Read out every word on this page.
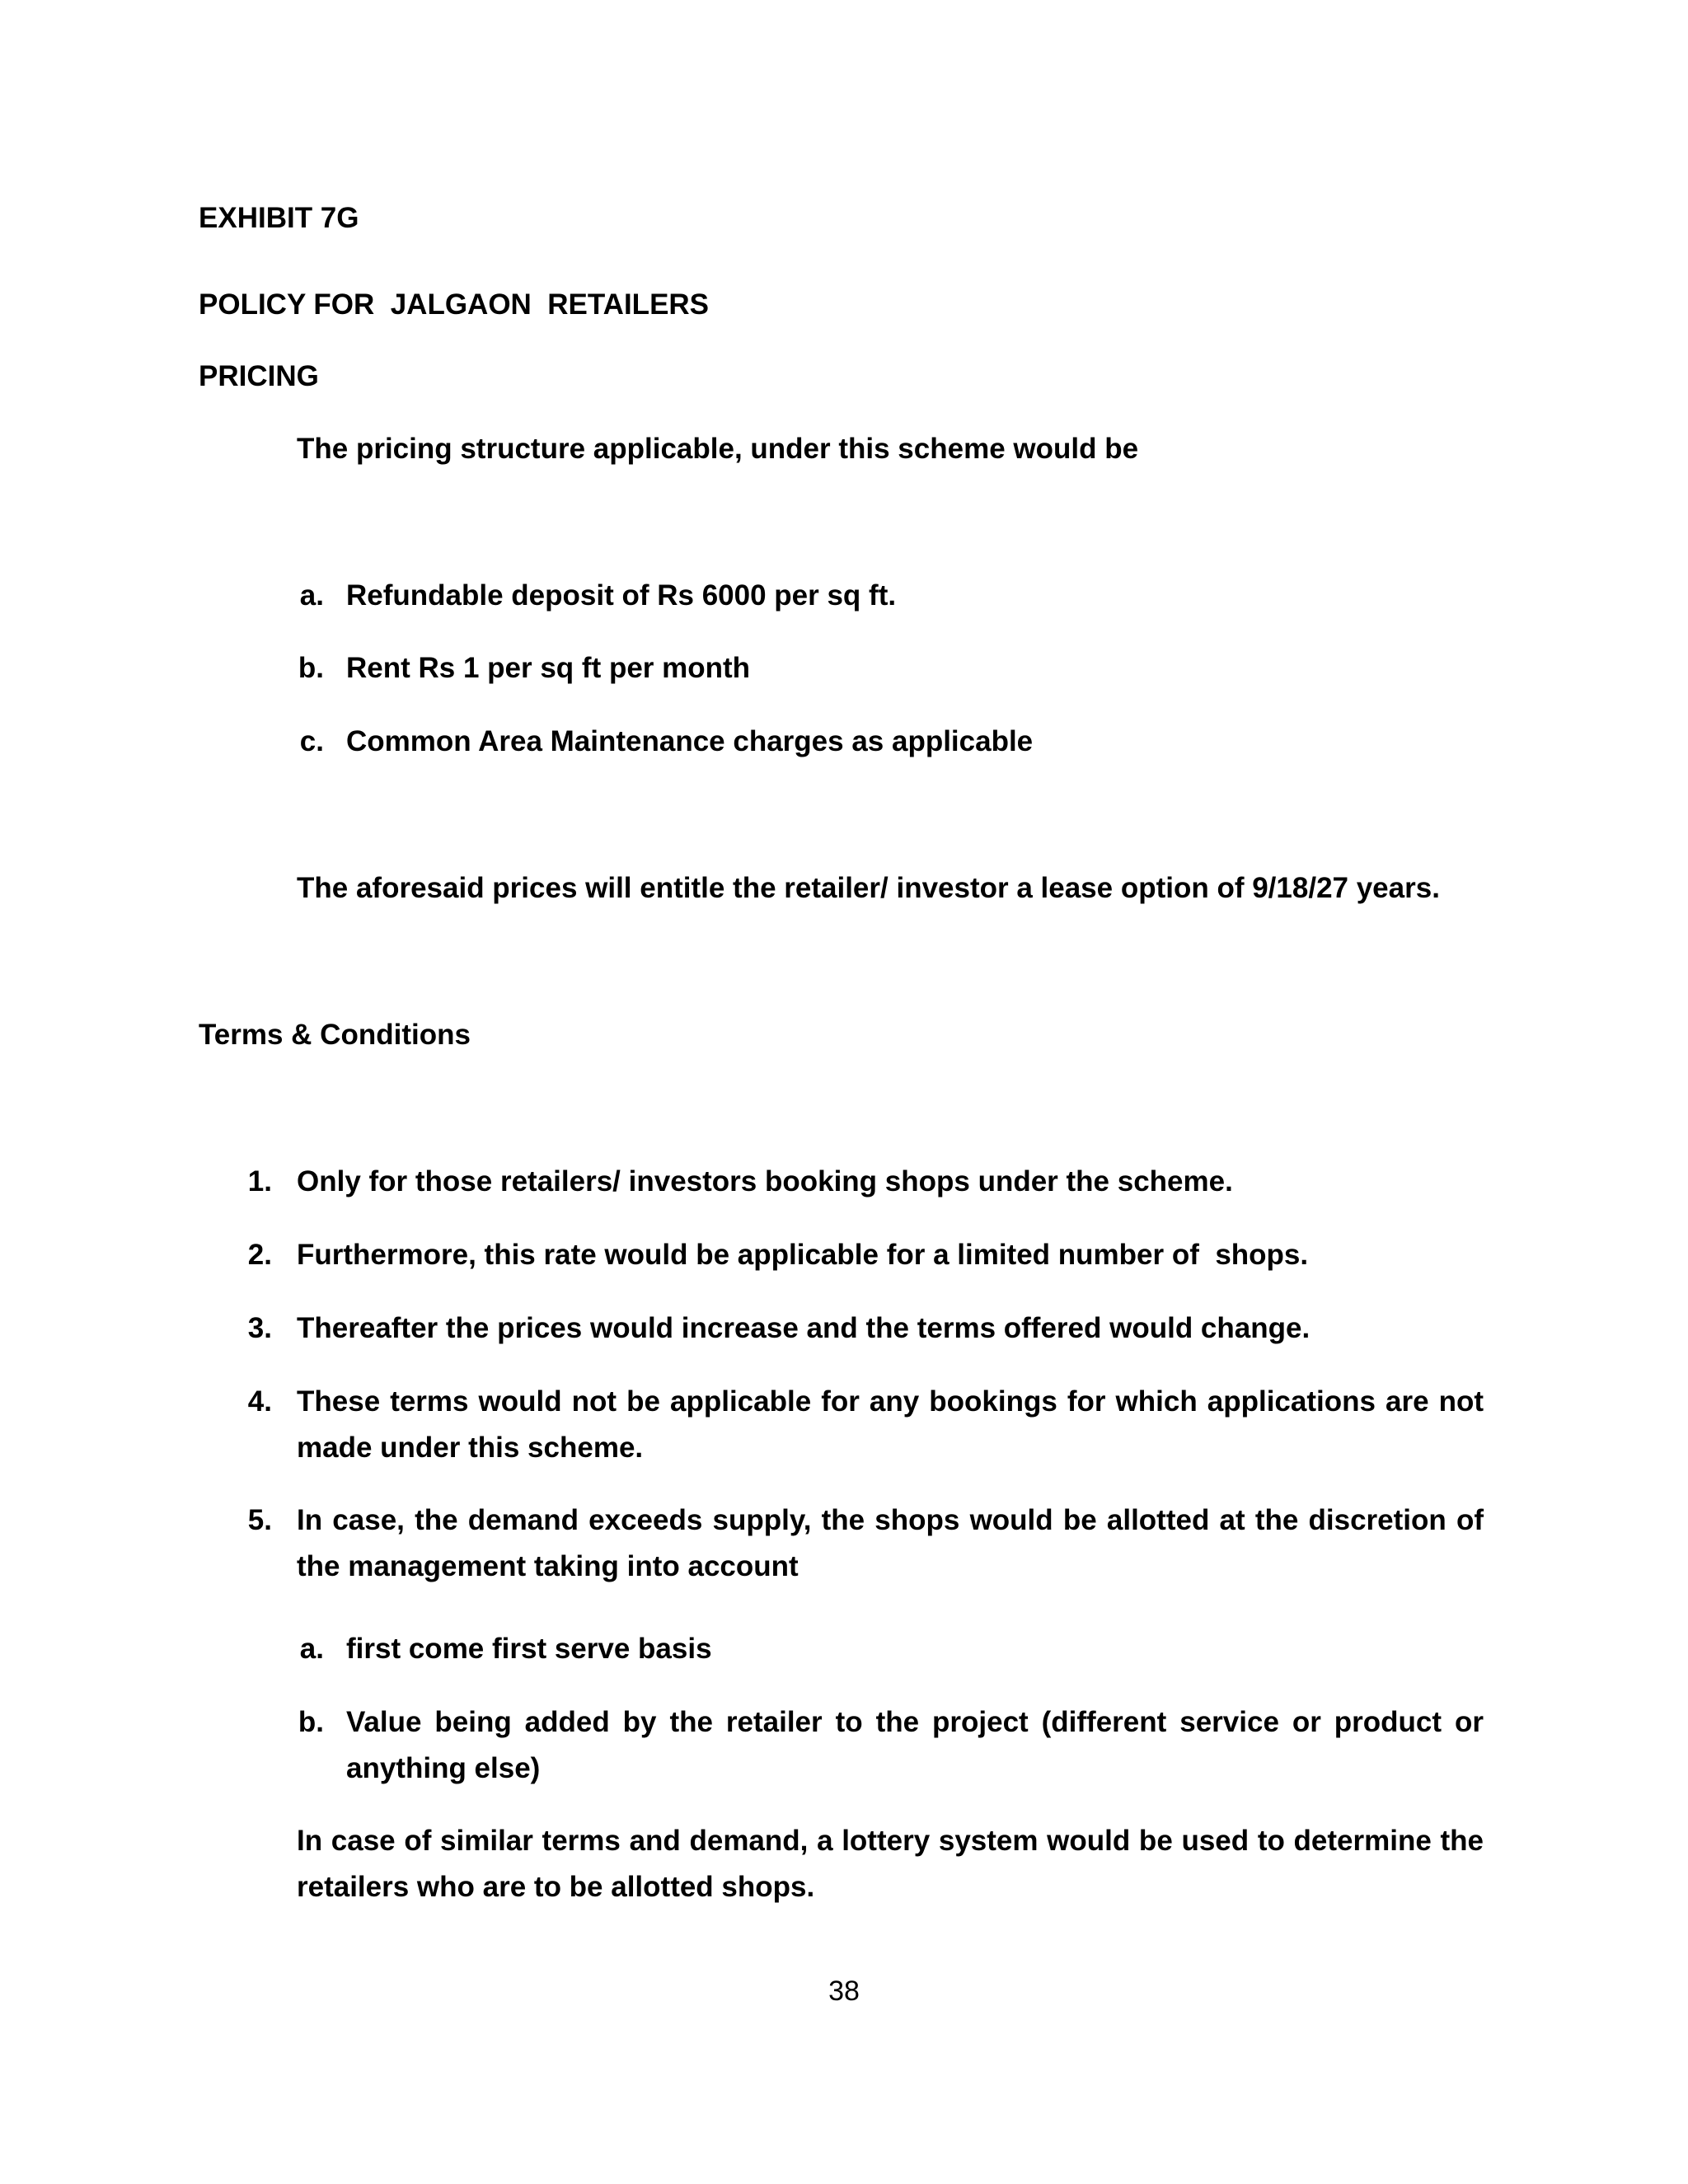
EXHIBIT 7G

POLICY FOR  JALGAON  RETAILERS

PRICING

The pricing structure applicable, under this scheme would be

a. Refundable deposit of Rs 6000 per sq ft.

b. Rent Rs 1 per sq ft per month

c. Common Area Maintenance charges as applicable

The aforesaid prices will entitle the retailer/ investor a lease option of 9/18/27 years.

Terms & Conditions

1. Only for those retailers/ investors booking shops under the scheme.

2. Furthermore, this rate would be applicable for a limited number of  shops.

3. Thereafter the prices would increase and the terms offered would change.

4. These terms would not be applicable for any bookings for which applications are not made under this scheme.

5. In case, the demand exceeds supply, the shops would be allotted at the discretion of the management taking into account

a. first come first serve basis

b. Value being added by the retailer to the project (different service or product or anything else)

In case of similar terms and demand, a lottery system would be used to determine the retailers who are to be allotted shops.

38
